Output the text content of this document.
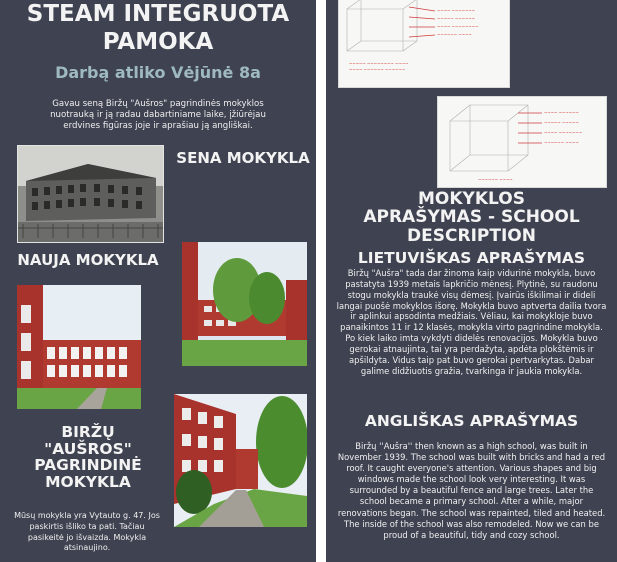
STEAM INTEGRUOTA
PAMOKA
Darbą atliko Vėjūnė 8a
Gavau seną Biržų "Aušros" pagrindinės mokyklos nuotrauką ir ją radau dabartiniame laike, įžiūrėjau erdvines figūras joje ir aprašiau ją angliškai.
SENA MOKYKLA
NAUJA MOKYKLA
BIRŽŲ
"AUŠROS"
PAGRINDINĖ
MOKYKLA
Mūsų mokykla yra Vytauto g. 47. Jos paskirtis išliko ta pati. Tačiau pasikeitė jo išvaizda. Mokykla atsinaujino.
~~~~ ~~~~~~~
~~~~~ ~~~~~~
~~~~ ~~~~~~~~
~~~~~~ ~~~~
~~~~~ ~~~~~~~~ ~~~~
~~~~ ~~~~~~ ~~~~~~
~~~~ ~~~~~~
~~~~~ ~~~~~
~~~~ ~~~~~~~
~~~~~~ ~~~~
~~~~~~ ~~~~
MOKYKLOS
APRAŠYMAS - SCHOOL
DESCRIPTION
LIETUVIŠKAS APRAŠYMAS
Biržų "Aušra" tada dar žinoma kaip vidurinė mokykla, buvo pastatyta 1939 metais lapkričio mėnesį. Plytinė, su raudonu stogu mokykla traukė visų dėmesį. Įvairūs iškilimai ir dideli langai puošė mokyklos išorę. Mokykla buvo aptverta dailia tvora ir aplinkui apsodinta medžiais. Vėliau, kai mokykloje buvo panaikintos 11 ir 12 klasės, mokykla virto pagrindine mokykla. Po kiek laiko imta vykdyti didelės renovacijos. Mokykla buvo gerokai atnaujinta, tai yra perdažyta, apdėta plokštėmis ir apšildyta. Vidus taip pat buvo gerokai pertvarkytas. Dabar galime didžiuotis gražia, tvarkinga ir jaukia mokykla.
ANGLIŠKAS APRAŠYMAS
Biržų ''Aušra'' then known as a high school, was built in November 1939. The school was built with bricks and had a red roof. It caught everyone's attention. Various shapes and big windows made the school look very interesting. It was surrounded by a beautiful fence and large trees. Later the school became a primary school. After a while, major renovations began. The school was repainted, tiled and heated. The inside of the school was also remodeled. Now we can be proud of a beautiful, tidy and cozy school.
